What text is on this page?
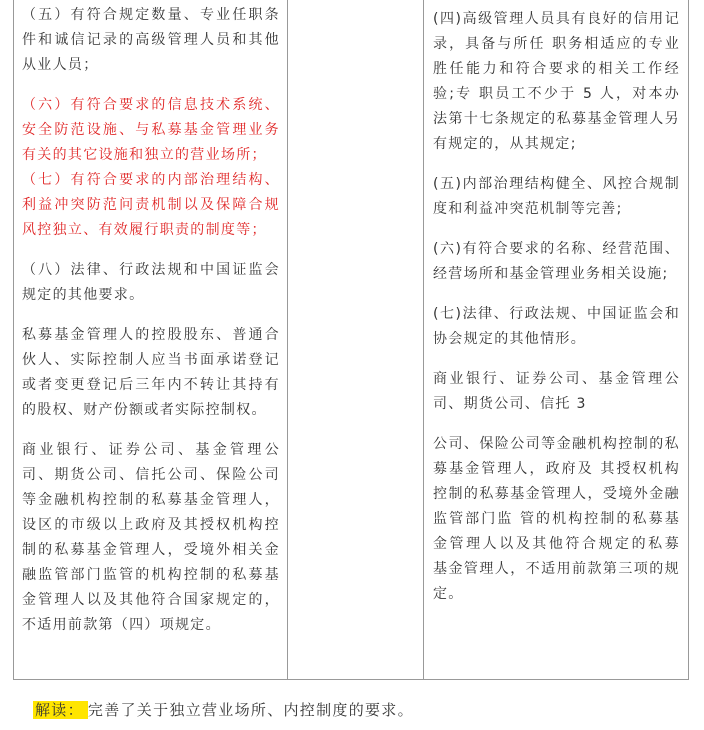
（五）有符合规定数量、专业任职条件和诚信记录的高级管理人员和其他从业人员；

（六）有符合要求的信息技术系统、安全防范设施、与私募基金管理业务有关的其它设施和独立的营业场所；

（七）有符合要求的内部治理结构、利益冲突防范问责机制以及保障合规风控独立、有效履行职责的制度等；

（八）法律、行政法规和中国证监会规定的其他要求。

私募基金管理人的控股股东、普通合伙人、实际控制人应当书面承诺登记或者变更登记后三年内不转让其持有的股权、财产份额或者实际控制权。

商业银行、证券公司、基金管理公司、期货公司、信托公司、保险公司等金融机构控制的私募基金管理人，设区的市级以上政府及其授权机构控制的私募基金管理人，受境外相关金融监管部门监管的机构控制的私募基金管理人以及其他符合国家规定的，不适用前款第（四）项规定。

(四)高级管理人员具有良好的信用记录，具备与所任 职务相适应的专业胜任能力和符合要求的相关工作经验;专 职员工不少于 5 人，对本办法第十七条规定的私募基金管理人另有规定的，从其规定;

(五)内部治理结构健全、风控合规制度和利益冲突范机制等完善;

(六)有符合要求的名称、经营范围、经营场所和基金管理业务相关设施;

(七)法律、行政法规、中国证监会和协会规定的其他情形。

商业银行、证券公司、基金管理公司、期货公司、信托 3

公司、保险公司等金融机构控制的私募基金管理人，政府及 其授权机构控制的私募基金管理人，受境外金融监管部门监 管的机构控制的私募基金管理人以及其他符合规定的私募 基金管理人，不适用前款第三项的规定。

解读： 完善了关于独立营业场所、内控制度的要求。
